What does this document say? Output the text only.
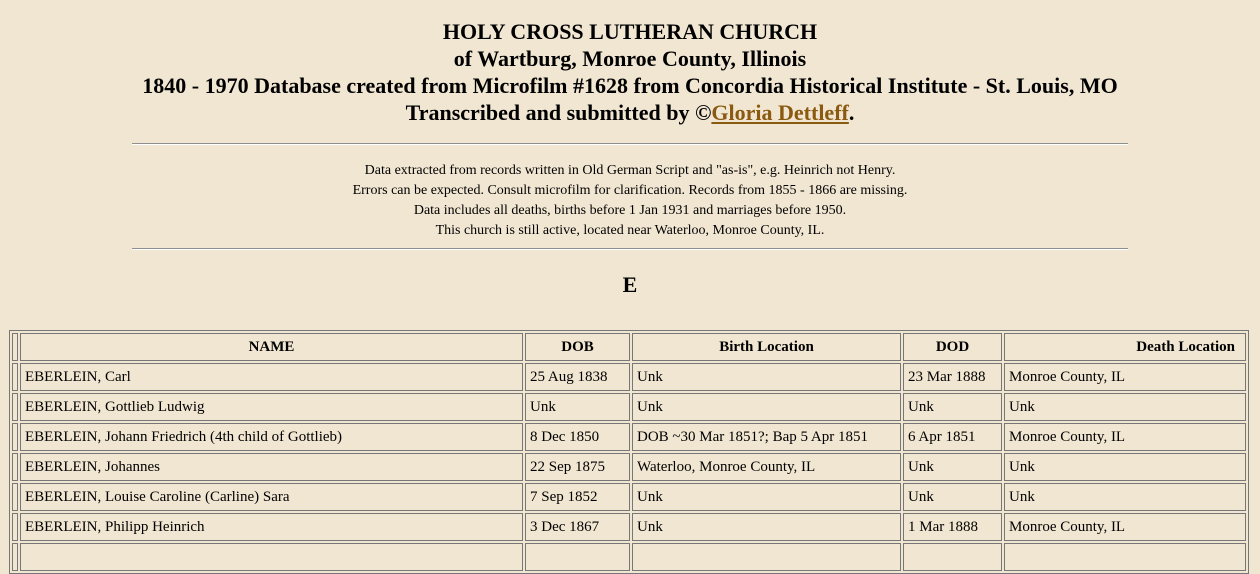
HOLY CROSS LUTHERAN CHURCH
of Wartburg, Monroe County, Illinois
1840 - 1970 Database created from Microfilm #1628 from Concordia Historical Institute - St. Louis, MO
Transcribed and submitted by ©Gloria Dettleff.

Data extracted from records written in Old German Script and "as-is", e.g. Heinrich not Henry.

Errors can be expected. Consult microfilm for clarification. Records from 1855 - 1866 are missing.

Data includes all deaths, births before 1 Jan 1931 and marriages before 1950.

This church is still active, located near Waterloo, Monroe County, IL.

E
	NAME	DOB	Birth Location	DOD	Death Location
	EBERLEIN, Carl	25 Aug 1838	Unk	23 Mar 1888	Monroe County, IL
	EBERLEIN, Gottlieb Ludwig	Unk	Unk	Unk	Unk
	EBERLEIN, Johann Friedrich (4th child of Gottlieb)	8 Dec 1850	DOB ~30 Mar 1851?; Bap 5 Apr 1851	6 Apr 1851	Monroe County, IL
	EBERLEIN, Johannes	22 Sep 1875	Waterloo, Monroe County, IL	Unk	Unk
	EBERLEIN, Louise Caroline (Carline) Sara	7 Sep 1852	Unk	Unk	Unk
	EBERLEIN, Philipp Heinrich	3 Dec 1867	Unk	1 Mar 1888	Monroe County, IL
